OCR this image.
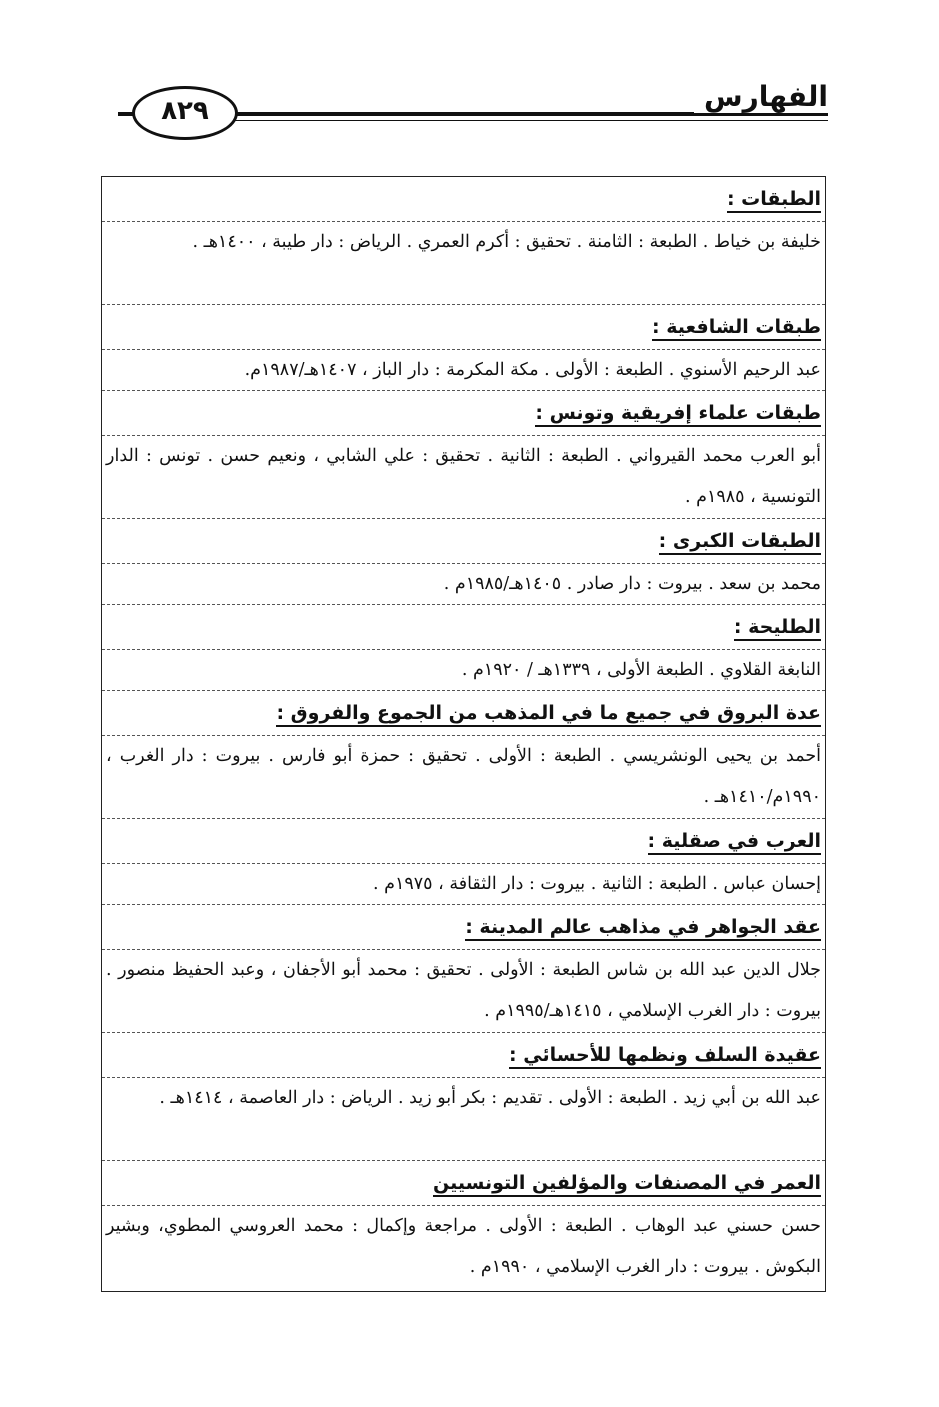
الفهارس
٨٢٩
الطبقات :
خليفة بن خياط . الطبعة : الثامنة . تحقيق : أكرم العمري . الرياض : دار طيبة ، ١٤٠٠هـ .
طبقات الشافعية :
عبد الرحيم الأسنوي . الطبعة : الأولى . مكة المكرمة : دار الباز ، ١٤٠٧هـ/١٩٨٧م.
طبقات علماء إفريقية وتونس :
أبو العرب محمد القيرواني . الطبعة : الثانية . تحقيق : علي الشابي ، ونعيم حسن . تونس : الدار التونسية ، ١٩٨٥م .
الطبقات الكبرى :
محمد بن سعد . بيروت : دار صادر . ١٤٠٥هـ/١٩٨٥م .
الطليحة :
النابغة القلاوي . الطبعة الأولى ، ١٣٣٩هـ / ١٩٢٠م .
عدة البروق في جميع ما في المذهب من الجموع والفروق :
أحمد بن يحيى الونشريسي . الطبعة : الأولى . تحقيق : حمزة أبو فارس . بيروت : دار الغرب ، ١٩٩٠م/١٤١٠هـ .
العرب في صقلية :
إحسان عباس . الطبعة : الثانية . بيروت : دار الثقافة ، ١٩٧٥م .
عقد الجواهر في مذاهب عالم المدينة :
جلال الدين عبد الله بن شاس الطبعة : الأولى . تحقيق : محمد أبو الأجفان ، وعبد الحفيظ منصور . بيروت : دار الغرب الإسلامي ، ١٤١٥هـ/١٩٩٥م .
عقيدة السلف ونظمها للأحسائي :
عبد الله بن أبي زيد . الطبعة : الأولى . تقديم : بكر أبو زيد . الرياض : دار العاصمة ، ١٤١٤هـ .
العمر في المصنفات والمؤلفين التونسيين
حسن حسني عبد الوهاب . الطبعة : الأولى . مراجعة وإكمال : محمد العروسي المطوي، وبشير البكوش . بيروت : دار الغرب الإسلامي ، ١٩٩٠م .
